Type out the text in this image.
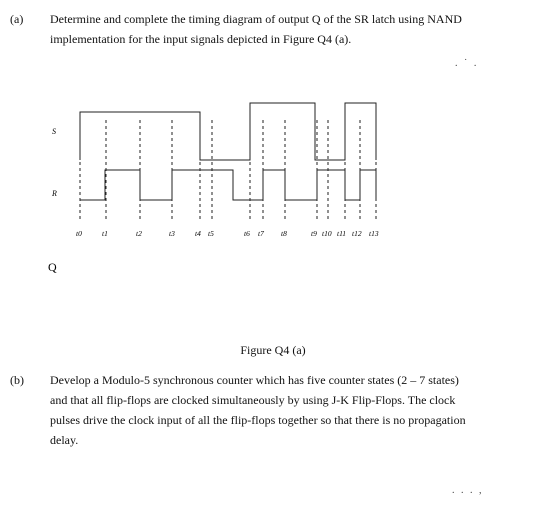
(a) Determine and complete the timing diagram of output Q of the SR latch using NAND
implementation for the input signals depicted in Figure Q4 (a).
. ˙ .
S
R
Q
t0	t1	t2	t3	t4 t5	t6 t7 t8	t9 t10 t11 t12 t13
Figure Q4 (a)
(b) Develop a Modulo-5 synchronous counter which has five counter states (2 – 7 states)
and that all flip-flops are clocked simultaneously by using J-K Flip-Flops. The clock
pulses drive the clock input of all the flip-flops together so that there is no propagation
delay.
. . . ,
